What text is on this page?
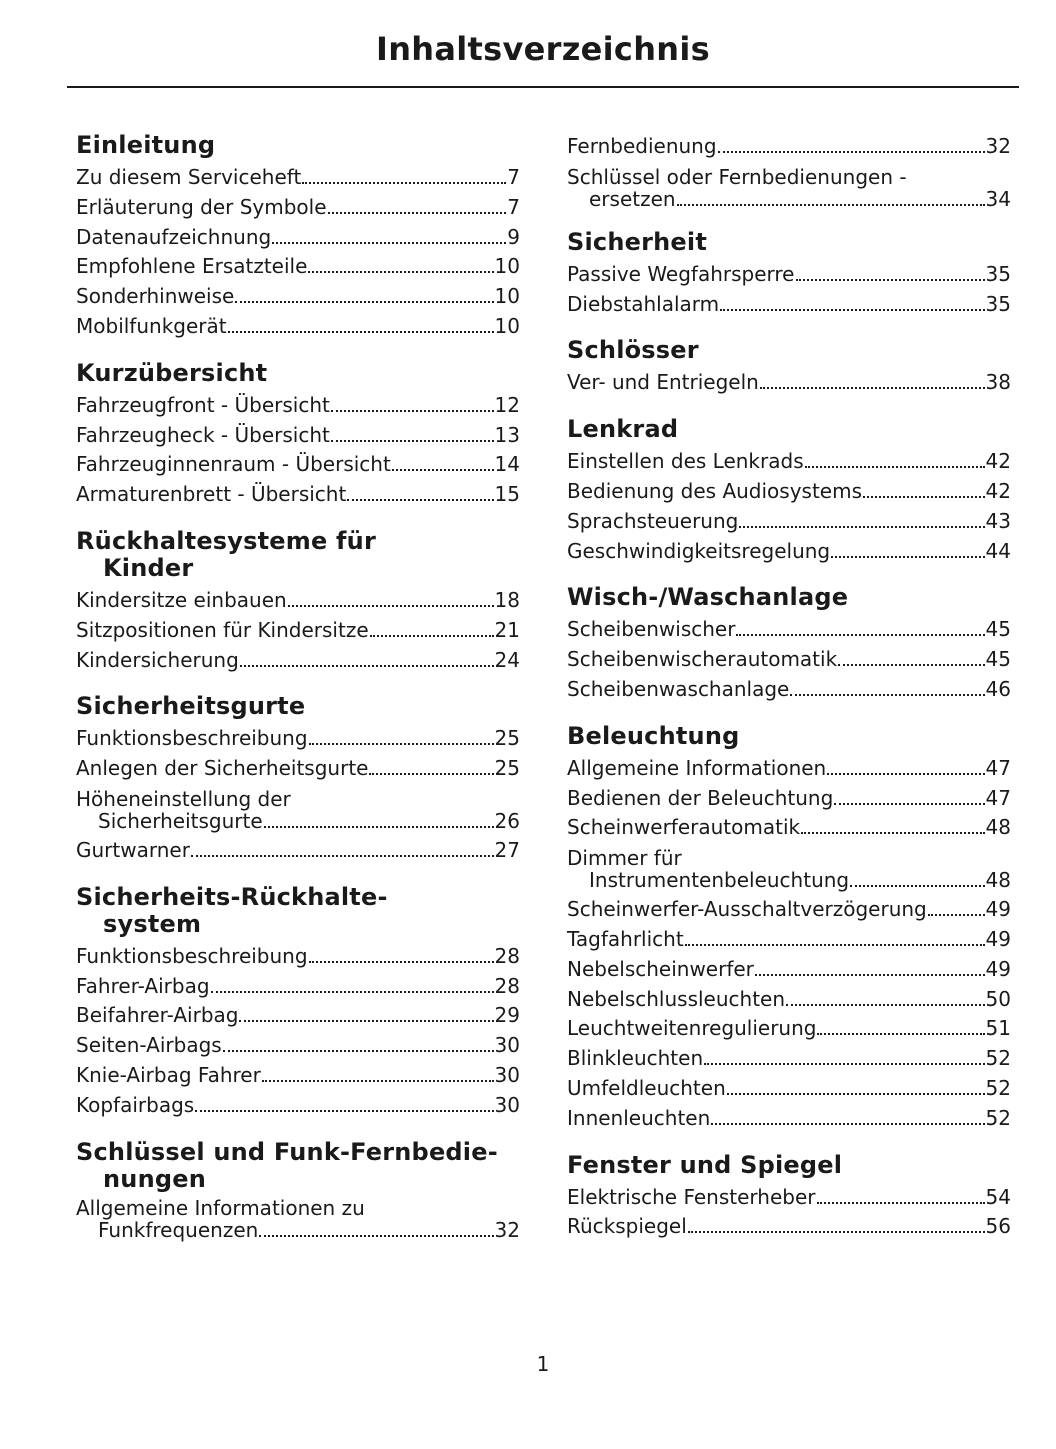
Inhaltsverzeichnis
Einleitung
Zu diesem Serviceheft	7
Erläuterung der Symbole	7
Datenaufzeichnung	9
Empfohlene Ersatzteile	10
Sonderhinweise	10
Mobilfunkgerät	10
Kurzübersicht
Fahrzeugfront - Übersicht	12
Fahrzeugheck - Übersicht	13
Fahrzeuginnenraum - Übersicht	14
Armaturenbrett - Übersicht	15
Rückhaltesysteme für
Kinder
Kindersitze einbauen	18
Sitzpositionen für Kindersitze	21
Kindersicherung	24
Sicherheitsgurte
Funktionsbeschreibung	25
Anlegen der Sicherheitsgurte	25
Höheneinstellung der
Sicherheitsgurte	26
Gurtwarner	27
Sicherheits-Rückhalte-
system
Funktionsbeschreibung	28
Fahrer-Airbag	28
Beifahrer-Airbag	29
Seiten-Airbags	30
Knie-Airbag Fahrer	30
Kopfairbags	30
Schlüssel und Funk-Fernbedie-
nungen
Allgemeine Informationen zu
Funkfrequenzen	32
Fernbedienung	32
Schlüssel oder Fernbedienungen -
ersetzen	34
Sicherheit
Passive Wegfahrsperre	35
Diebstahlalarm	35
Schlösser
Ver- und Entriegeln	38
Lenkrad
Einstellen des Lenkrads	42
Bedienung des Audiosystems	42
Sprachsteuerung	43
Geschwindigkeitsregelung	44
Wisch-/Waschanlage
Scheibenwischer	45
Scheibenwischerautomatik	45
Scheibenwaschanlage	46
Beleuchtung
Allgemeine Informationen	47
Bedienen der Beleuchtung	47
Scheinwerferautomatik	48
Dimmer für
Instrumentenbeleuchtung	48
Scheinwerfer-Ausschaltverzögerung	49
Tagfahrlicht	49
Nebelscheinwerfer	49
Nebelschlussleuchten	50
Leuchtweitenregulierung	51
Blinkleuchten	52
Umfeldleuchten	52
Innenleuchten	52
Fenster und Spiegel
Elektrische Fensterheber	54
Rückspiegel	56
1
